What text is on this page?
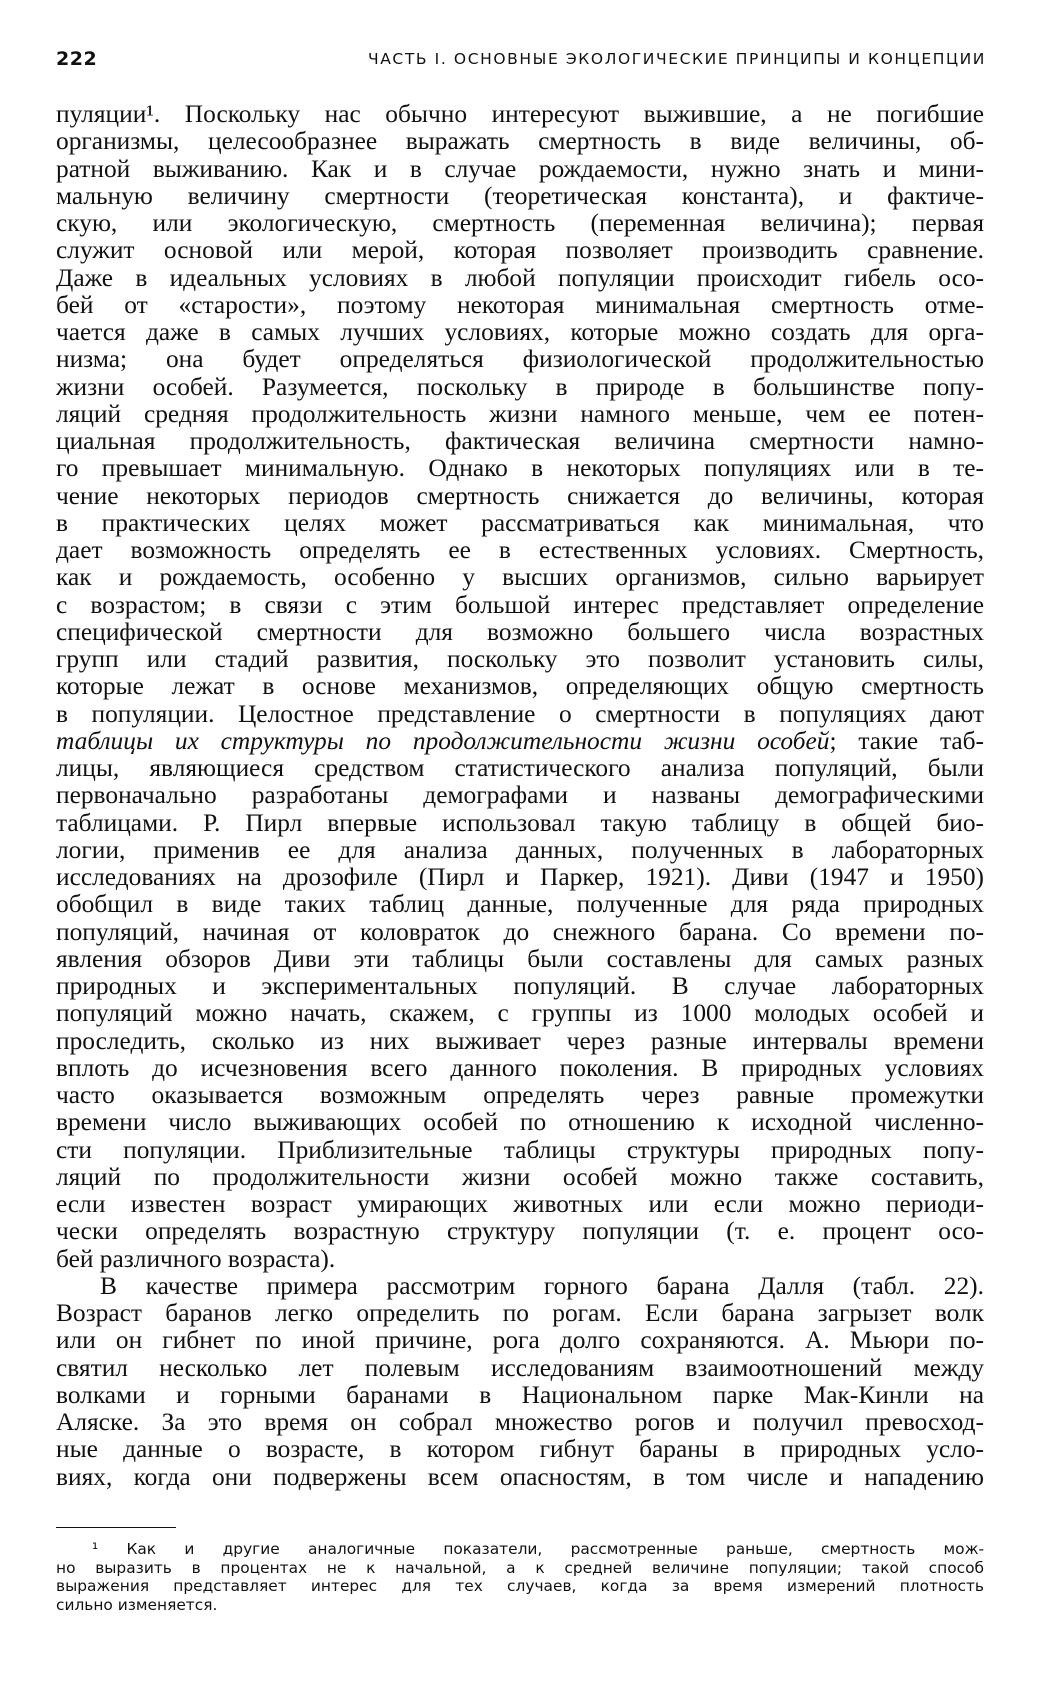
222	ЧАСТЬ I. ОСНОВНЫЕ ЭКОЛОГИЧЕСКИЕ ПРИНЦИПЫ И КОНЦЕПЦИИ
пуляции¹. Поскольку нас обычно интересуют выжившие, а не погибшие
организмы, целесообразнее выражать смертность в виде величины, об-
ратной выживанию. Как и в случае рождаемости, нужно знать и мини-
мальную величину смертности (теоретическая константа), и фактиче-
скую, или экологическую, смертность (переменная величина); первая
служит основой или мерой, которая позволяет производить сравнение.
Даже в идеальных условиях в любой популяции происходит гибель осо-
бей от «старости», поэтому некоторая минимальная смертность отме-
чается даже в самых лучших условиях, которые можно создать для орга-
низма; она будет определяться физиологической продолжительностью
жизни особей. Разумеется, поскольку в природе в большинстве попу-
ляций средняя продолжительность жизни намного меньше, чем ее потен-
циальная продолжительность, фактическая величина смертности намно-
го превышает минимальную. Однако в некоторых популяциях или в те-
чение некоторых периодов смертность снижается до величины, которая
в практических целях может рассматриваться как минимальная, что
дает возможность определять ее в естественных условиях. Смертность,
как и рождаемость, особенно у высших организмов, сильно варьирует
с возрастом; в связи с этим большой интерес представляет определение
специфической смертности для возможно большего числа возрастных
групп или стадий развития, поскольку это позволит установить силы,
которые лежат в основе механизмов, определяющих общую смертность
в популяции. Целостное представление о смертности в популяциях дают
таблицы их структуры по продолжительности жизни особей; такие таб-
лицы, являющиеся средством статистического анализа популяций, были
первоначально разработаны демографами и названы демографическими
таблицами. Р. Пирл впервые использовал такую таблицу в общей био-
логии, применив ее для анализа данных, полученных в лабораторных
исследованиях на дрозофиле (Пирл и Паркер, 1921). Диви (1947 и 1950)
обобщил в виде таких таблиц данные, полученные для ряда природных
популяций, начиная от коловраток до снежного барана. Со времени по-
явления обзоров Диви эти таблицы были составлены для самых разных
природных и экспериментальных популяций. В случае лабораторных
популяций можно начать, скажем, с группы из 1000 молодых особей и
проследить, сколько из них выживает через разные интервалы времени
вплоть до исчезновения всего данного поколения. В природных условиях
часто оказывается возможным определять через равные промежутки
времени число выживающих особей по отношению к исходной численно-
сти популяции. Приблизительные таблицы структуры природных попу-
ляций по продолжительности жизни особей можно также составить,
если известен возраст умирающих животных или если можно периоди-
чески определять возрастную структуру популяции (т. е. процент осо-
бей различного возраста).
В качестве примера рассмотрим горного барана Далля (табл. 22).
Возраст баранов легко определить по рогам. Если барана загрызет волк
или он гибнет по иной причине, рога долго сохраняются. А. Мьюри по-
святил несколько лет полевым исследованиям взаимоотношений между
волками и горными баранами в Национальном парке Мак-Кинли на
Аляске. За это время он собрал множество рогов и получил превосход-
ные данные о возрасте, в котором гибнут бараны в природных усло-
виях, когда они подвержены всем опасностям, в том числе и нападению
¹ Как и другие аналогичные показатели, рассмотренные раньше, смертность мож-
но выразить в процентах не к начальной, а к средней величине популяции; такой способ
выражения представляет интерес для тех случаев, когда за время измерений плотность
сильно изменяется.
